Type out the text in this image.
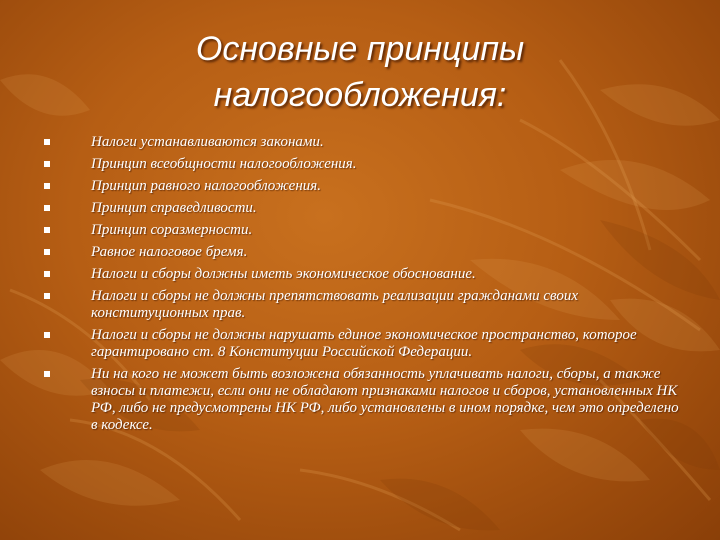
Основные принципы
налогообложения:
Налоги устанавливаются законами.
Принцип всеобщности налогообложения.
Принцип равного налогообложения.
Принцип справедливости.
Принцип соразмерности.
Равное налоговое бремя.
Налоги и сборы должны иметь экономическое обоснование.
Налоги и сборы не должны препятствовать реализации гражданами своих конституционных прав.
Налоги и сборы не должны нарушать единое экономическое пространство, которое гарантировано ст. 8 Конституции Российской Федерации.
Ни на кого не может быть возложена обязанность уплачивать налоги, сборы, а также взносы и платежи, если они не обладают признаками налогов и сборов, установленных НК РФ, либо не предусмотрены НК РФ, либо установлены в ином порядке, чем это определено в кодексе.
